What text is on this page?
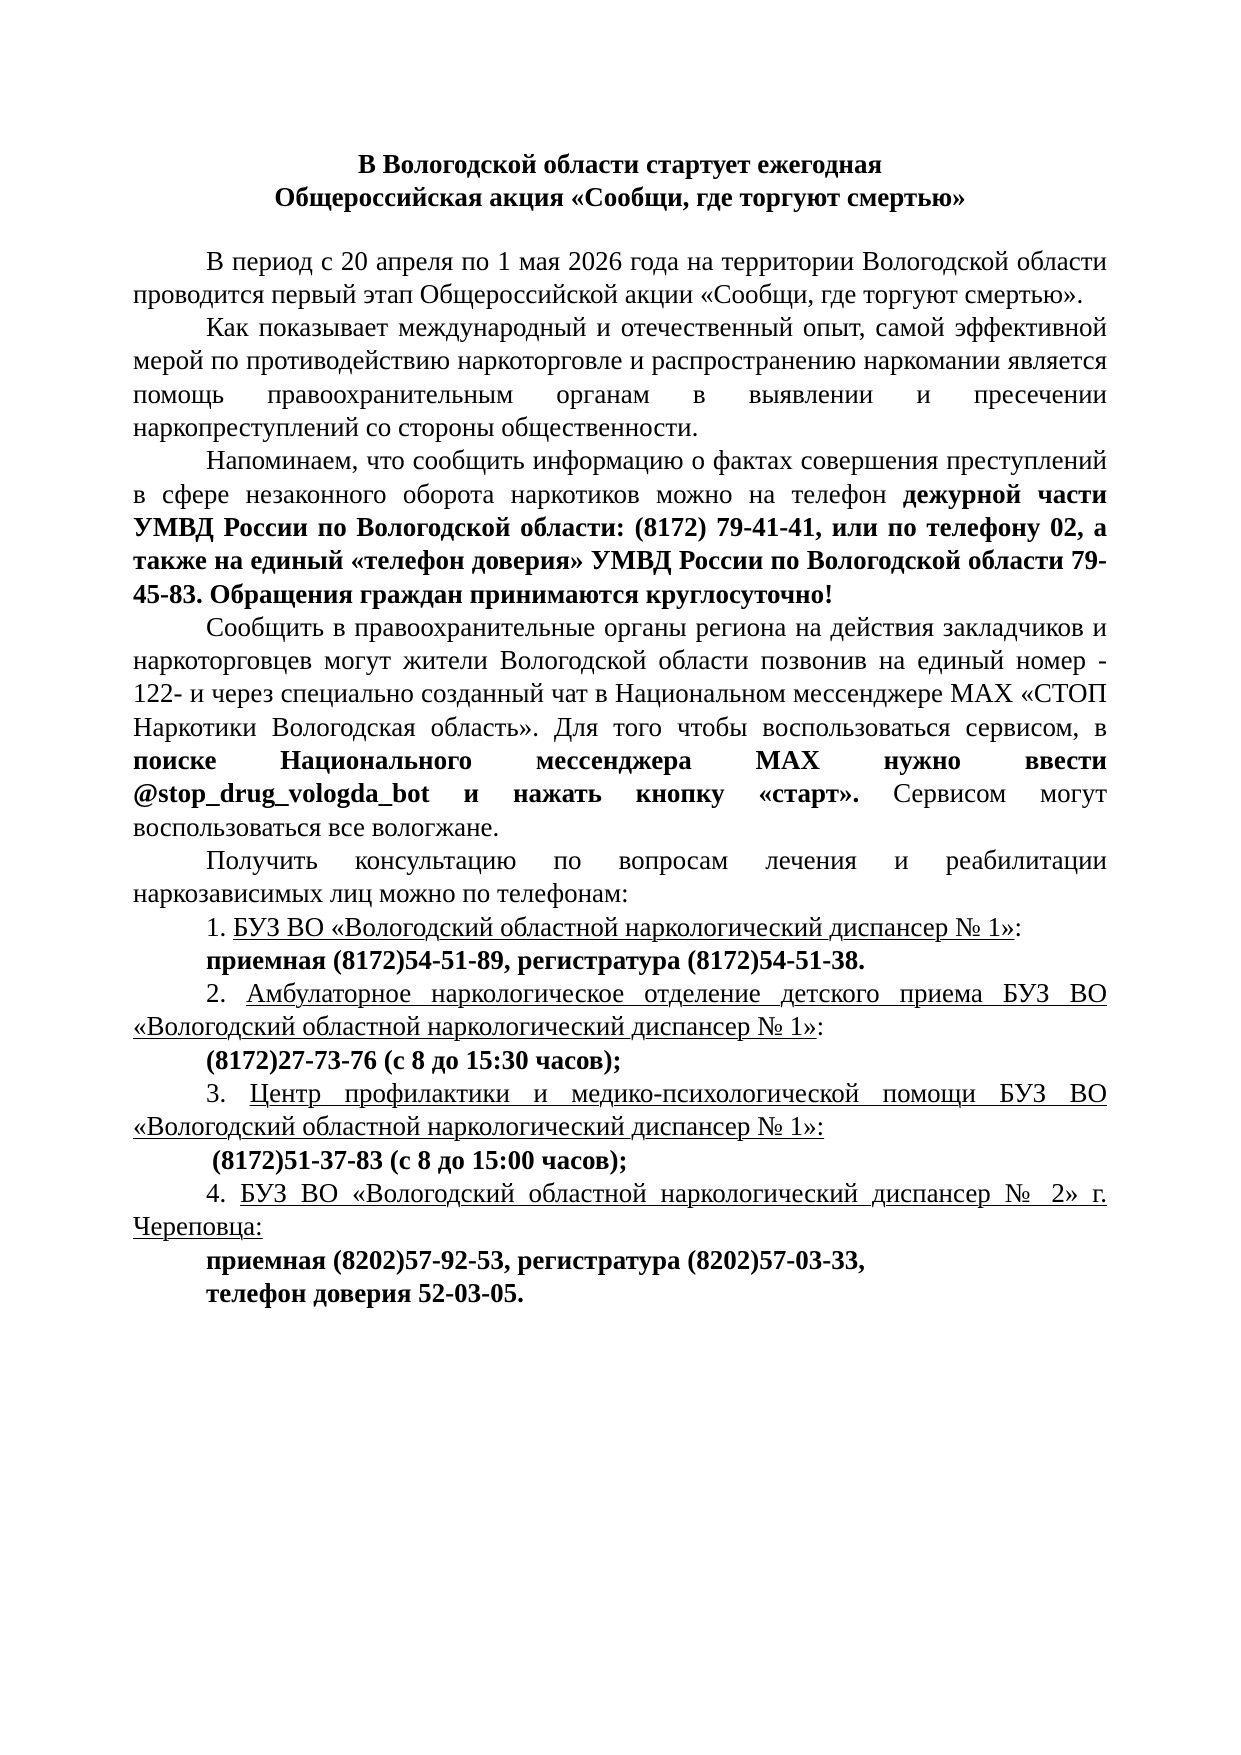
В Вологодской области стартует ежегодная
Общероссийская акция «Сообщи, где торгуют смертью»

В период с 20 апреля по 1 мая 2026 года на территории Вологодской области проводится первый этап Общероссийской акции «Сообщи, где торгуют смертью».

Как показывает международный и отечественный опыт, самой эффективной мерой по противодействию наркоторговле и распространению наркомании является помощь правоохранительным органам в выявлении и пресечении наркопреступлений со стороны общественности.

Напоминаем, что сообщить информацию о фактах совершения преступлений в сфере незаконного оборота наркотиков можно на телефон дежурной части УМВД России по Вологодской области: (8172) 79-41-41, или по телефону 02, а также на единый «телефон доверия» УМВД России по Вологодской области 79-45-83. Обращения граждан принимаются круглосуточно!

Сообщить в правоохранительные органы региона на действия закладчиков и наркоторговцев могут жители Вологодской области позвонив на единый номер - 122- и через специально созданный чат в Национальном мессенджере MAX «СТОП Наркотики Вологодская область». Для того чтобы воспользоваться сервисом, в поиске Национального мессенджера MAX нужно ввести @stop_drug_vologda_bot и нажать кнопку «старт». Сервисом могут воспользоваться все вологжане.

Получить консультацию по вопросам лечения и реабилитации наркозависимых лиц можно по телефонам:

1. БУЗ ВО «Вологодский областной наркологический диспансер № 1»:

приемная (8172)54-51-89, регистратура (8172)54-51-38.

2. Амбулаторное наркологическое отделение детского приема БУЗ ВО «Вологодский областной наркологический диспансер № 1»:

(8172)27-73-76 (с 8 до 15:30 часов);

3. Центр профилактики и медико-психологической помощи БУЗ ВО «Вологодский областной наркологический диспансер № 1»:

(8172)51-37-83 (с 8 до 15:00 часов);

4. БУЗ ВО «Вологодский областной наркологический диспансер № 2» г. Череповца:

приемная (8202)57-92-53, регистратура (8202)57-03-33,

телефон доверия 52-03-05.
